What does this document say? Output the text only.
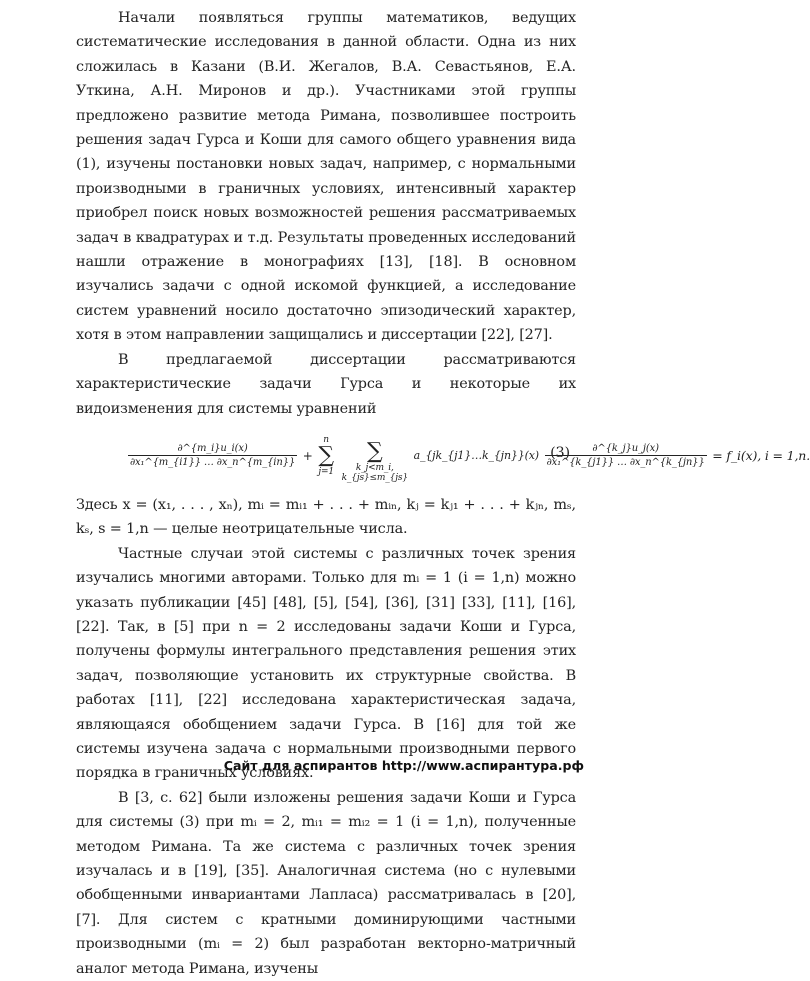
Начали появляться группы математиков, ведущих систематические исследования в данной области. Одна из них сложилась в Казани (В.И. Жегалов, В.А. Севастьянов, Е.А. Уткина, А.Н. Миронов и др.). Участниками этой группы предложено развитие метода Римана, позволившее построить решения задач Гурса и Коши для самого общего уравнения вида (1), изучены постановки новых задач, например, с нормальными производными в граничных условиях, интенсивный характер приобрел поиск новых возможностей решения рассматриваемых задач в квадратурах и т.д. Результаты проведенных исследований нашли отражение в монографиях [13], [18]. В основном изучались задачи с одной искомой функцией, а исследование систем уравнений носило достаточно эпизодический характер, хотя в этом направлении защищались и диссертации [22], [27].

В предлагаемой диссертации рассматриваются характеристические задачи Гурса и некоторые их видоизменения для системы уравнений

$\frac{\partial\^{}\{m\_i\}u\_i(x)}{\text{∂x₁\textasciicircum{}\{m\_\{i1\}\} … ∂x\_n\textasciicircum{}\{m\_\{in\}\}}}$ +
n
∑
j=1

∑
k_j<m_i,
k_{js}≤m_{js}
a_{jk_{j1}…k_{jn}}(x) $\frac{\partial\^{}\{k\_j\}u\_j(x)}{\text{∂x₁\textasciicircum{}\{k\_\{j1\}\} … ∂x\_n\textasciicircum{}\{k\_\{jn\}\}}}$ = f_i(x), i = 1,n.
(3)

Здесь x = (x₁, . . . , xₙ), mᵢ = mᵢ₁ + . . . + mᵢₙ, kⱼ = kⱼ₁ + . . . + kⱼₙ, mₛ, kₛ, s = 1,n — целые неотрицательные числа.

Частные случаи этой системы с различных точек зрения изучались многими авторами. Только для mᵢ = 1 (i = 1,n) можно указать публикации [45] [48], [5], [54], [36], [31] [33], [11], [16], [22]. Так, в [5] при n = 2 исследованы задачи Коши и Гурса, получены формулы интегрального представления решения этих задач, позволяющие установить их структурные свойства. В работах [11], [22] исследована характеристическая задача, являющаяся обобщением задачи Гурса. В [16] для той же системы изучена задача с нормальными производными первого порядка в граничных условиях.

В [3, с. 62] были изложены решения задачи Коши и Гурса для системы (3) при mᵢ = 2, mᵢ₁ = mᵢ₂ = 1 (i = 1,n), полученные методом Римана. Та же система с различных точек зрения изучалась и в [19], [35]. Аналогичная система (но с нулевыми обобщенными инвариантами Лапласа) рассматривалась в [20], [7]. Для систем с кратными доминирующими частными производными (mᵢ = 2) был разработан векторно-матричный аналог метода Римана, изучены

Сайт для аспирантов http://www.аспирантура.рф
